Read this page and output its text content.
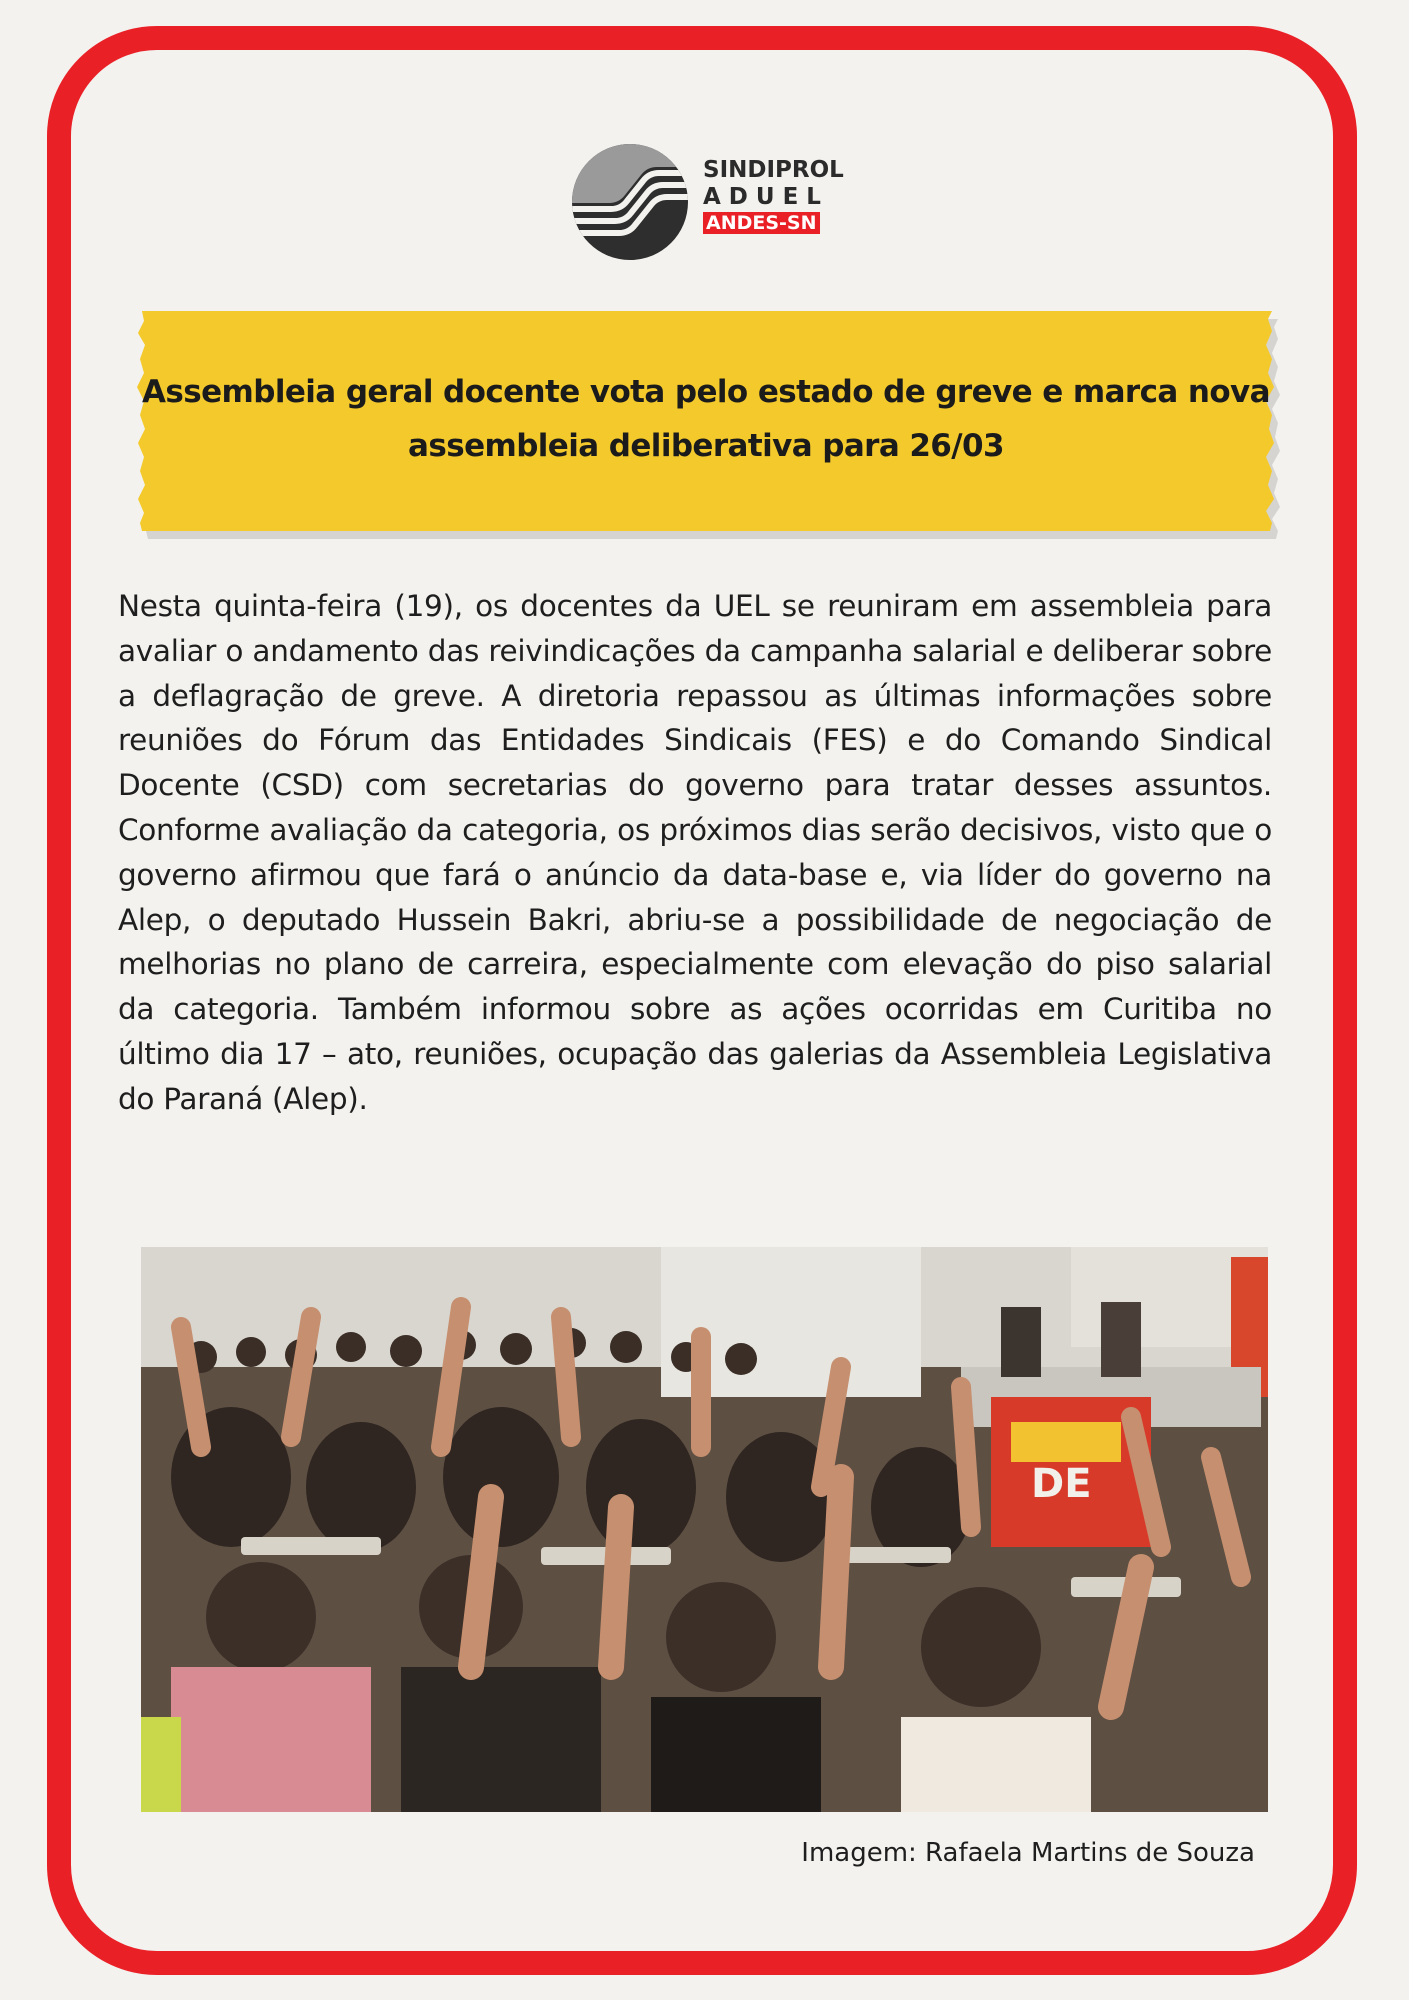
SINDIPROL
ADUEL
ANDES-SN
Assembleia geral docente vota pelo estado de greve e marca nova assembleia deliberativa para 26/03

Nesta quinta-feira (19), os docentes da UEL se reuniram em assembleia para avaliar o andamento das reivindicações da campanha salarial e deliberar sobre a deflagração de greve. A diretoria repassou as últimas informações sobre reuniões do Fórum das Entidades Sindicais (FES) e do Comando Sindical Docente (CSD) com secretarias do governo para tratar desses assuntos. Conforme avaliação da categoria, os próximos dias serão decisivos, visto que o governo afirmou que fará o anúncio da data-base e, via líder do governo na Alep, o deputado Hussein Bakri, abriu-se a possibilidade de negociação de melhorias no plano de carreira, especialmente com elevação do piso salarial da categoria. Também informou sobre as ações ocorridas em Curitiba no último dia 17 – ato, reuniões, ocupação das galerias da Assembleia Legislativa do Paraná (Alep).

DE
Imagem: Rafaela Martins de Souza
